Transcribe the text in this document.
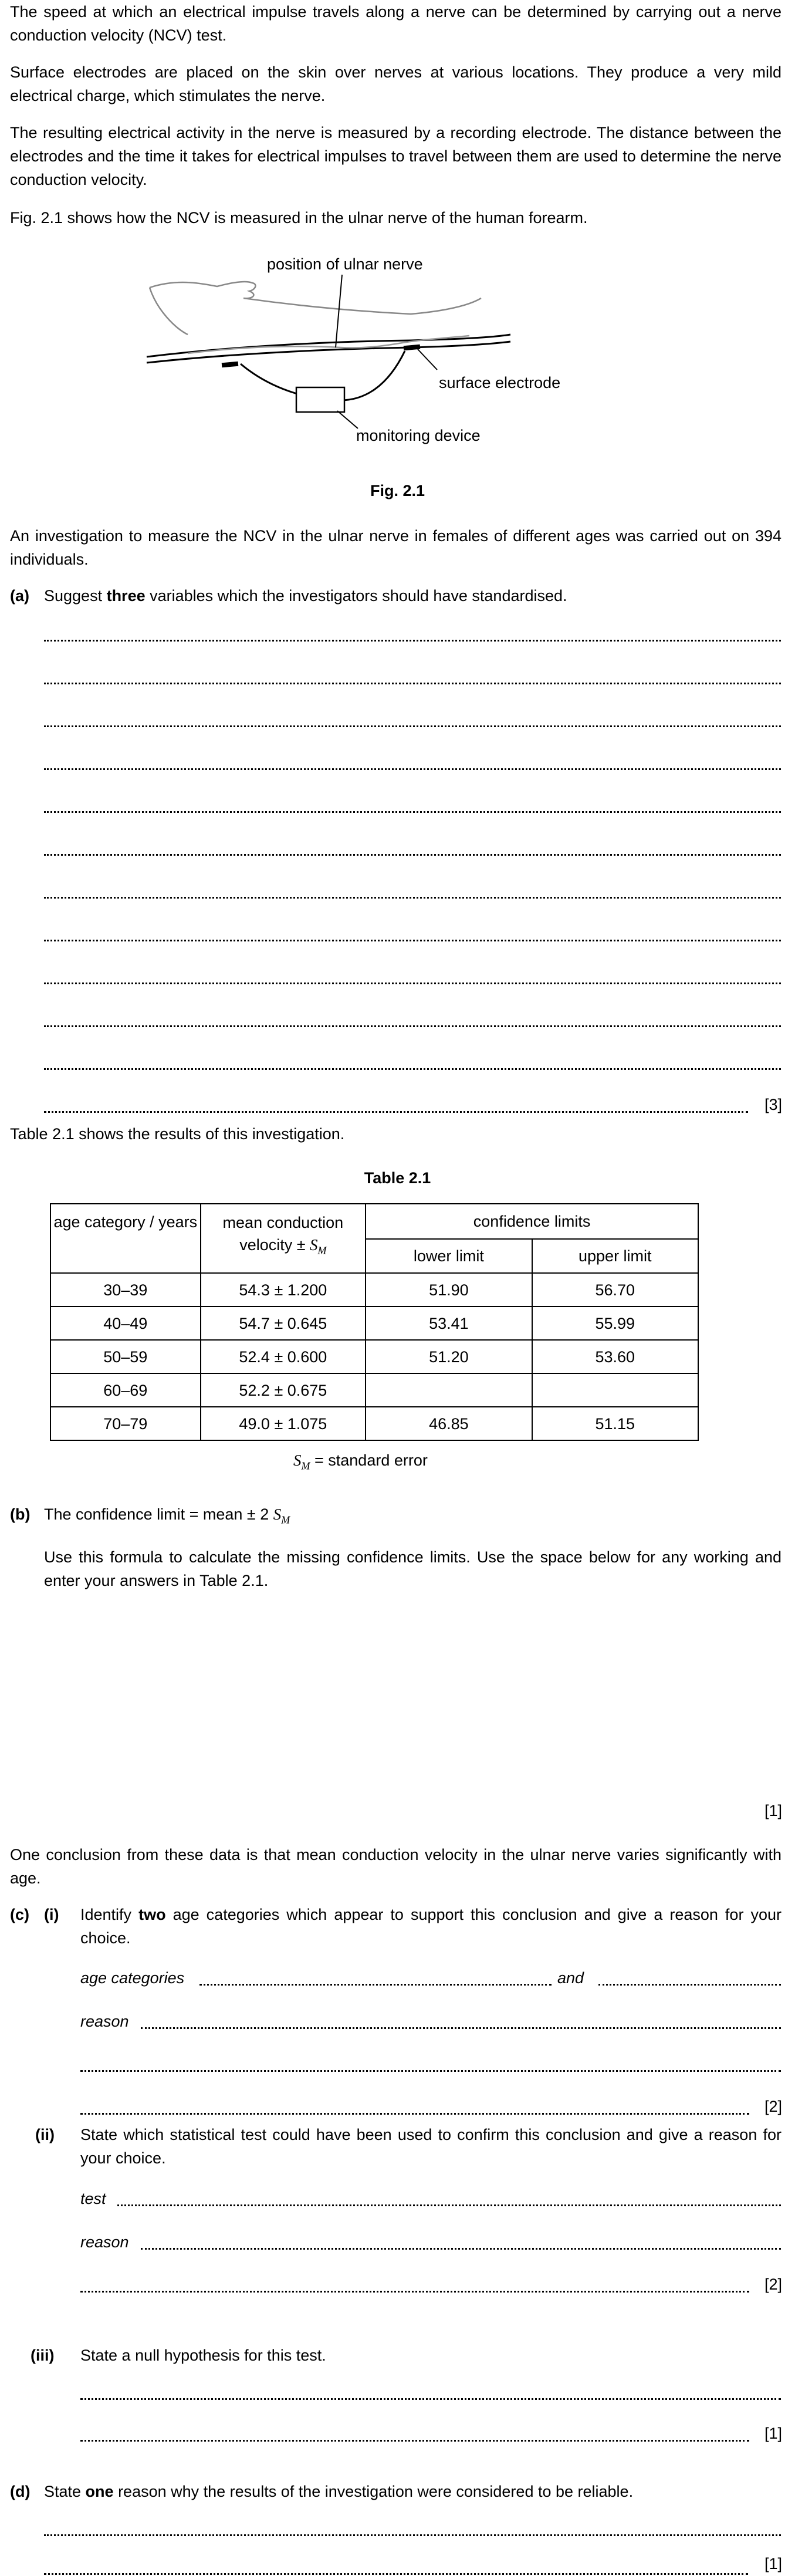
The speed at which an electrical impulse travels along a nerve can be determined by carrying out a nerve conduction velocity (NCV) test.

Surface electrodes are placed on the skin over nerves at various locations. They produce a very mild electrical charge, which stimulates the nerve.

The resulting electrical activity in the nerve is measured by a recording electrode. The distance between the electrodes and the time it takes for electrical impulses to travel between them are used to determine the nerve conduction velocity.

Fig. 2.1 shows how the NCV is measured in the ulnar nerve of the human forearm.

position of ulnar nerve
surface electrode
monitoring device
Fig. 2.1

An investigation to measure the NCV in the ulnar nerve in females of different ages was carried out on 394 individuals.

(a) Suggest three variables which the investigators should have standardised.

[3]

Table 2.1 shows the results of this investigation.

Table 2.1
age category / years	mean conduction
velocity ± $S_M$	confidence limits	
		lower limit	upper limit
30–39	54.3 ± 1.200	51.90	56.70
40–49	54.7 ± 0.645	53.41	55.99
50–59	52.4 ± 0.600	51.20	53.60
60–69	52.2 ± 0.675		
70–79	49.0 ± 1.075	46.85	51.15
$S_M$ = standard error
(b) The confidence limit = mean ± 2 $S_M$

Use this formula to calculate the missing confidence limits. Use the space below for any working and enter your answers in Table 2.1.

[1]

One conclusion from these data is that mean conduction velocity in the ulnar nerve varies significantly with age.

(c) (i) Identify two age categories which appear to support this conclusion and give a reason for your choice.

age categories	and
reason
[2]
(ii) State which statistical test could have been used to confirm this conclusion and give a reason for your choice.

test
reason
[2]
(iii) State a null hypothesis for this test.

[1]
(d) State one reason why the results of the investigation were considered to be reliable.

[1]
